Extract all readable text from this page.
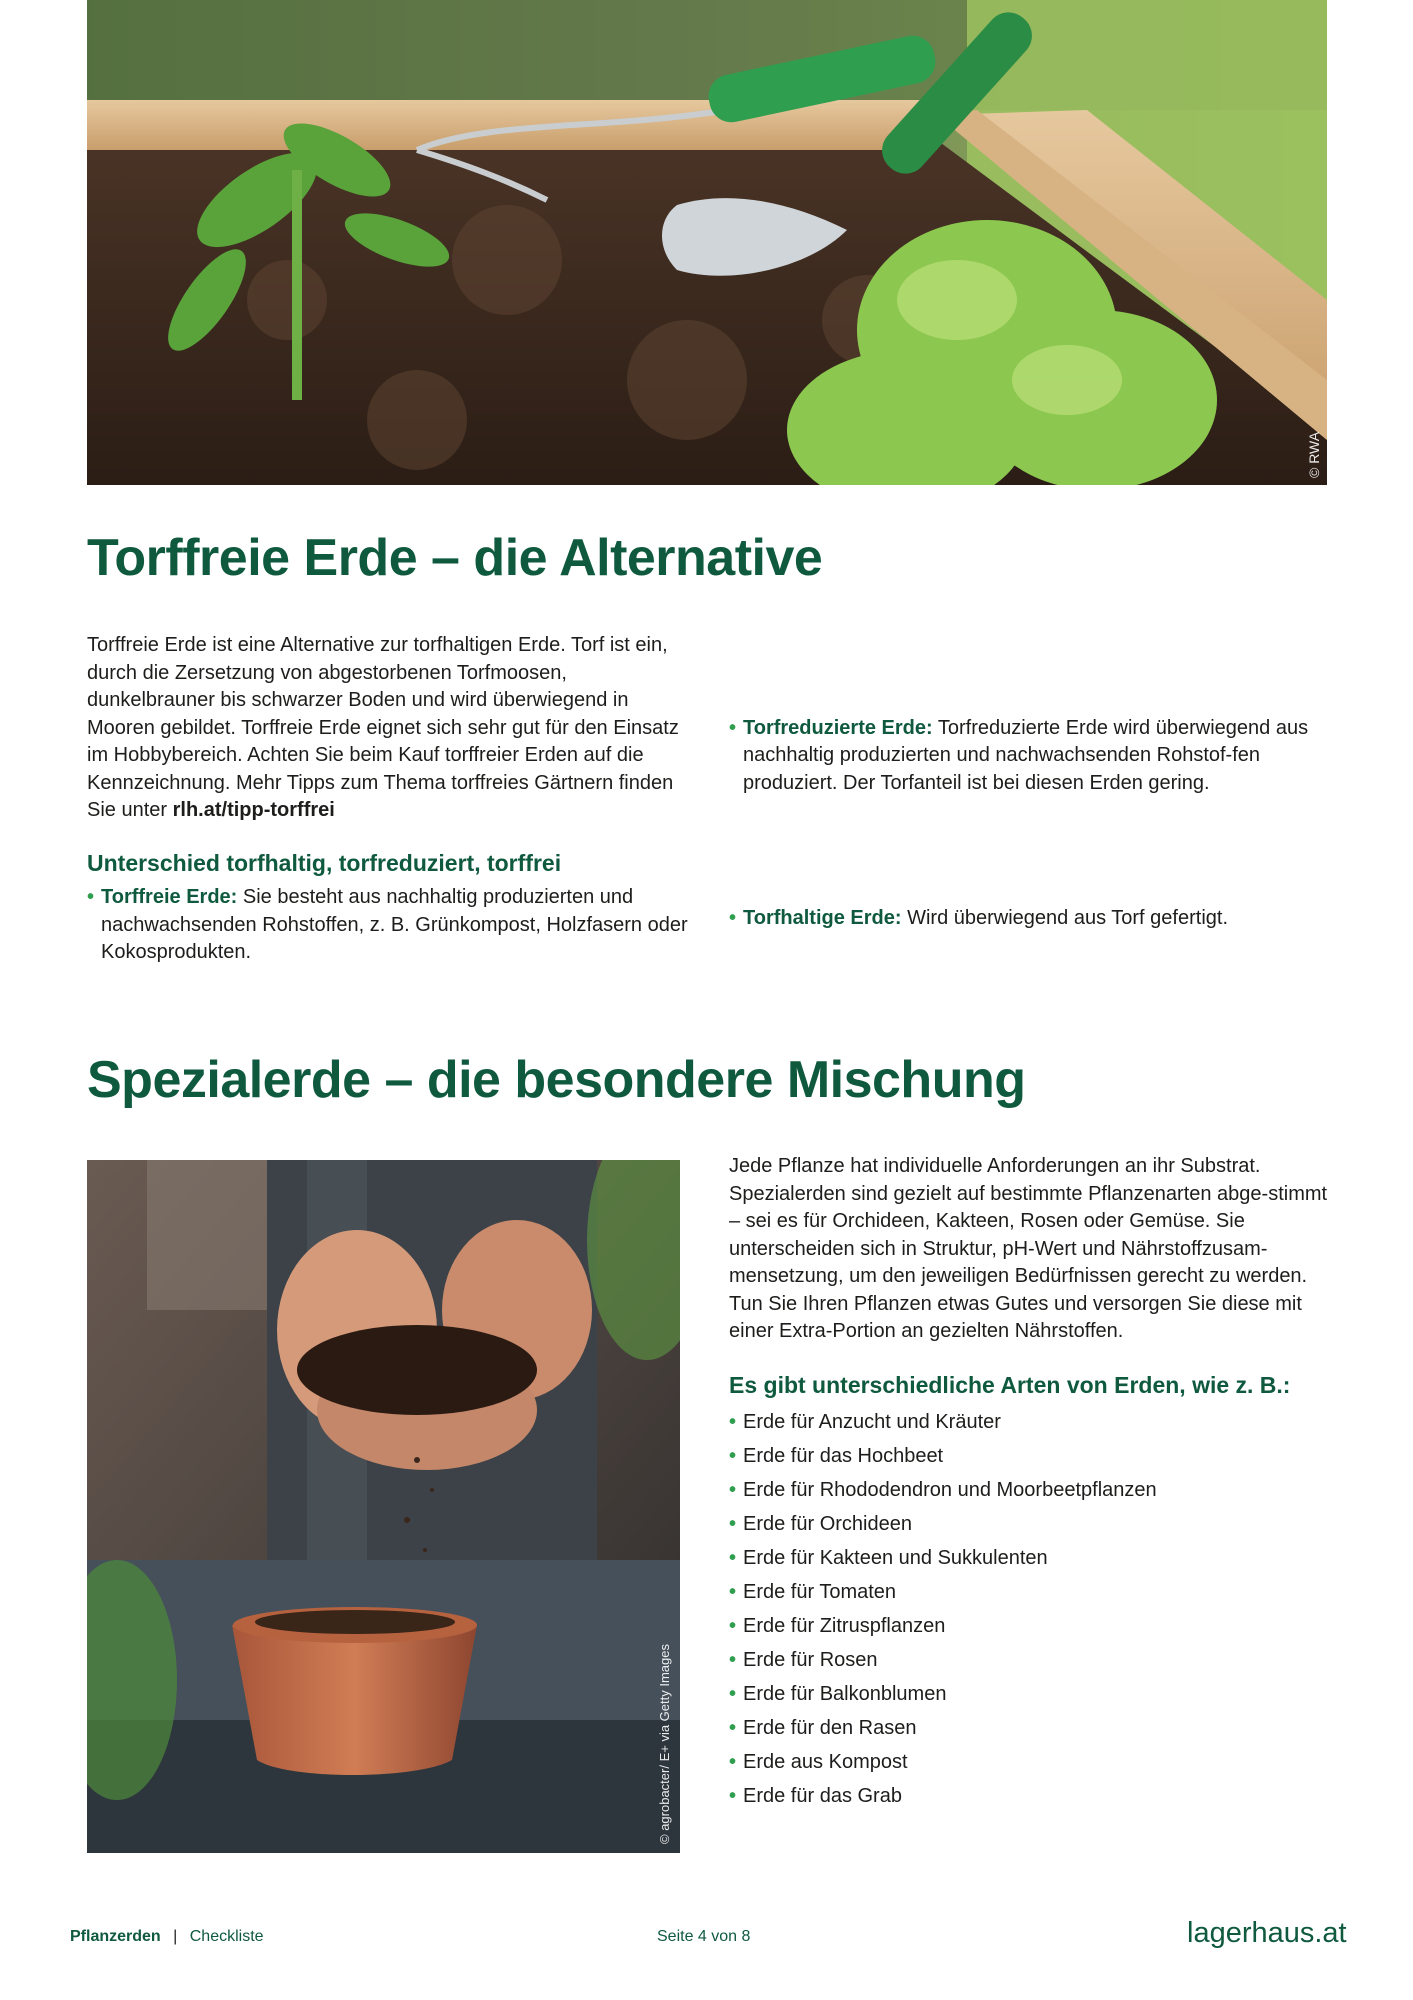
© RWA
Torffreie Erde – die Alternative

Torffreie Erde ist eine Alternative zur torfhaltigen Erde. Torf ist ein, durch die Zersetzung von abgestorbenen Torfmoosen, dunkelbrauner bis schwarzer Boden und wird überwiegend in Mooren gebildet. Torffreie Erde eignet sich sehr gut für den Einsatz im Hobbybereich. Achten Sie beim Kauf torffreier Erden auf die Kennzeichnung. Mehr Tipps zum Thema torffreies Gärtnern finden Sie unter rlh.at/tipp-torffrei

Unterschied torfhaltig, torfreduziert, torffrei
• Torffreie Erde: Sie besteht aus nachhaltig produzierten und nachwachsenden Rohstoffen, z. B. Grünkompost, Holzfasern oder Kokosprodukten.
• Torfreduzierte Erde: Torfreduzierte Erde wird überwiegend aus nachhaltig produzierten und nachwachsenden Rohstof-fen produziert. Der Torfanteil ist bei diesen Erden gering.
• Torfhaltige Erde: Wird überwiegend aus Torf gefertigt.
Spezialerde – die besondere Mischung
© agrobacter/ E+ via Getty Images

Jede Pflanze hat individuelle Anforderungen an ihr Substrat. Spezialerden sind gezielt auf bestimmte Pflanzenarten abge-stimmt – sei es für Orchideen, Kakteen, Rosen oder Gemüse. Sie unterscheiden sich in Struktur, pH-Wert und Nährstoffzusam-mensetzung, um den jeweiligen Bedürfnissen gerecht zu werden. Tun Sie Ihren Pflanzen etwas Gutes und versorgen Sie diese mit einer Extra-Portion an gezielten Nährstoffen.

Es gibt unterschiedliche Arten von Erden, wie z. B.:
• Erde für Anzucht und Kräuter
• Erde für das Hochbeet
• Erde für Rhododendron und Moorbeetpflanzen
• Erde für Orchideen
• Erde für Kakteen und Sukkulenten
• Erde für Tomaten
• Erde für Zitruspflanzen
• Erde für Rosen
• Erde für Balkonblumen
• Erde für den Rasen
• Erde aus Kompost
• Erde für das Grab
Pflanzerden | Checkliste	Seite 4 von 8	lagerhaus.at
